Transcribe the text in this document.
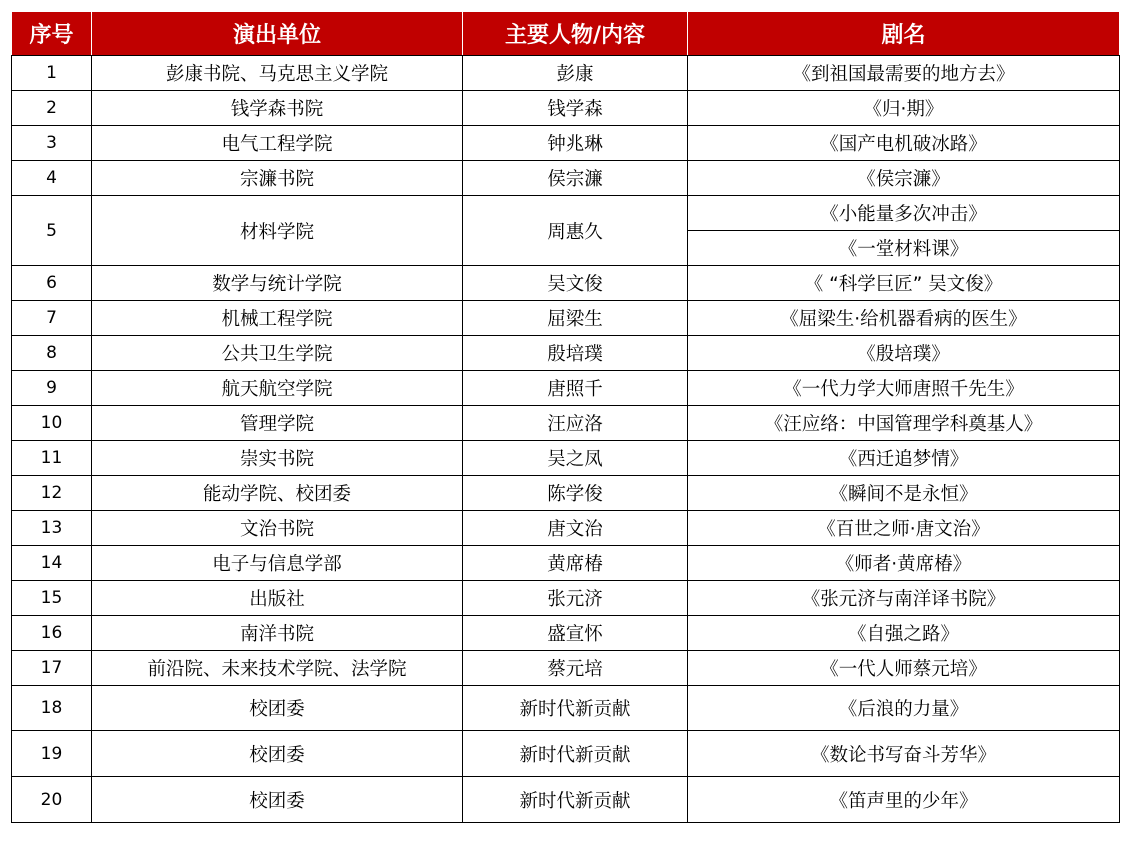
序号	演出单位	主要人物/内容	剧名
1	彭康书院、马克思主义学院	彭康	《到祖国最需要的地方去》
2	钱学森书院	钱学森	《归·期》
3	电气工程学院	钟兆琳	《国产电机破冰路》
4	宗濂书院	侯宗濂	《侯宗濂》
5	材料学院	周惠久	《小能量多次冲击》
			《一堂材料课》
6	数学与统计学院	吴文俊	《 “科学巨匠” 吴文俊》
7	机械工程学院	屈梁生	《屈梁生·给机器看病的医生》
8	公共卫生学院	殷培璞	《殷培璞》
9	航天航空学院	唐照千	《一代力学大师唐照千先生》
10	管理学院	汪应洛	《汪应络：中国管理学科奠基人》
11	崇实书院	吴之凤	《西迁追梦情》
12	能动学院、校团委	陈学俊	《瞬间不是永恒》
13	文治书院	唐文治	《百世之师·唐文治》
14	电子与信息学部	黄席椿	《师者·黄席椿》
15	出版社	张元济	《张元济与南洋译书院》
16	南洋书院	盛宣怀	《自强之路》
17	前沿院、未来技术学院、法学院	蔡元培	《一代人师蔡元培》
18	校团委	新时代新贡献	《后浪的力量》
19	校团委	新时代新贡献	《数论书写奋斗芳华》
20	校团委	新时代新贡献	《笛声里的少年》
